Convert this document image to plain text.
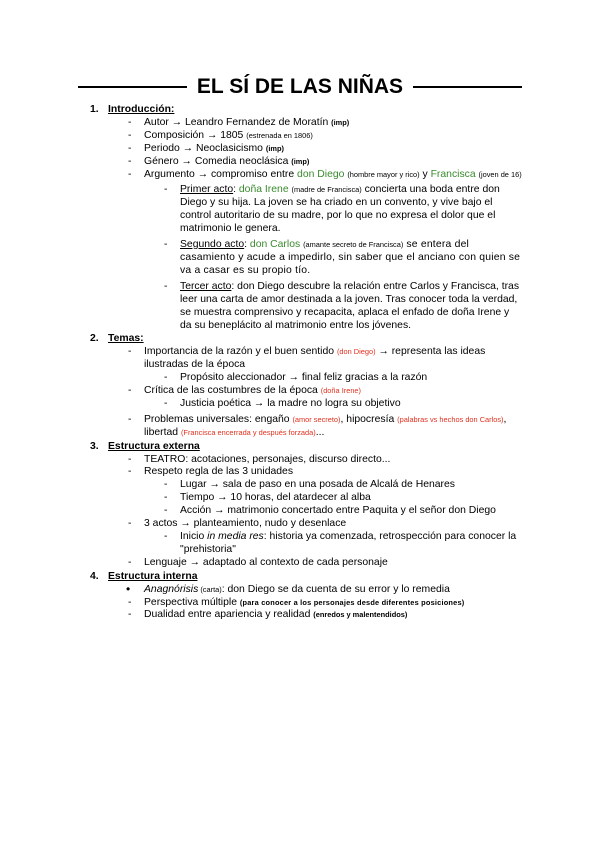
EL SÍ DE LAS NIÑAS
1. Introducción:
- Autor → Leandro Fernandez de Moratín (imp)
- Composición → 1805 (estrenada en 1806)
- Periodo → Neoclasicismo (imp)
- Género → Comedia neoclásica (imp)
- Argumento → compromiso entre don Diego (hombre mayor y rico) y Francisca (joven de 16)
- Primer acto: doña Irene (madre de Francisca) concierta una boda entre don Diego y su hija. La joven se ha criado en un convento, y vive bajo el control autoritario de su madre, por lo que no expresa el dolor que el matrimonio le genera.
- Segundo acto: don Carlos (amante secreto de Francisca) se entera del casamiento y acude a impedirlo, sin saber que el anciano con quien se va a casar es su propio tío.
- Tercer acto: don Diego descubre la relación entre Carlos y Francisca, tras leer una carta de amor destinada a la joven. Tras conocer toda la verdad, se muestra comprensivo y recapacita, aplaca el enfado de doña Irene y da su beneplácito al matrimonio entre los jóvenes.
2. Temas:
- Importancia de la razón y el buen sentido (don Diego) → representa las ideas ilustradas de la época
- Propósito aleccionador → final feliz gracias a la razón
- Crítica de las costumbres de la época (doña Irene)
- Justicia poética → la madre no logra su objetivo
- Problemas universales: engaño (amor secreto), hipocresía (palabras vs hechos don Carlos), libertad (Francisca encerrada y después forzada)...
3. Estructura externa
- TEATRO: acotaciones, personajes, discurso directo...
- Respeto regla de las 3 unidades
- Lugar → sala de paso en una posada de Alcalá de Henares
- Tiempo → 10 horas, del atardecer al alba
- Acción → matrimonio concertado entre Paquita y el señor don Diego
- 3 actos → planteamiento, nudo y desenlace
- Inicio in media res: historia ya comenzada, retrospección para conocer la "prehistoria"
- Lenguaje → adaptado al contexto de cada personaje
4. Estructura interna
• Anagnórisis (carta): don Diego se da cuenta de su error y lo remedia
- Perspectiva múltiple (para conocer a los personajes desde diferentes posiciones)
- Dualidad entre apariencia y realidad (enredos y malentendidos)
